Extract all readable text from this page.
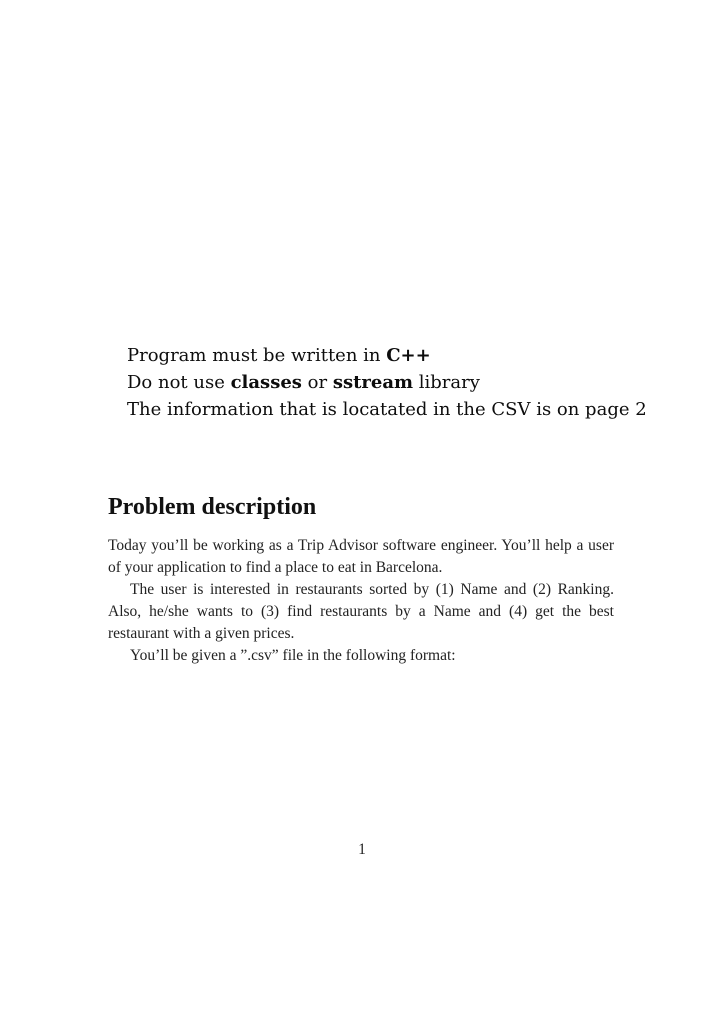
Program must be written in C++
Do not use classes or sstream library
The information that is locatated in the CSV is on page 2
Problem description

Today you’ll be working as a Trip Advisor software engineer. You’ll help a user of your application to find a place to eat in Barcelona.

The user is interested in restaurants sorted by (1) Name and (2) Ranking. Also, he/she wants to (3) find restaurants by a Name and (4) get the best restaurant with a given prices.

You’ll be given a ”.csv” file in the following format:

1
